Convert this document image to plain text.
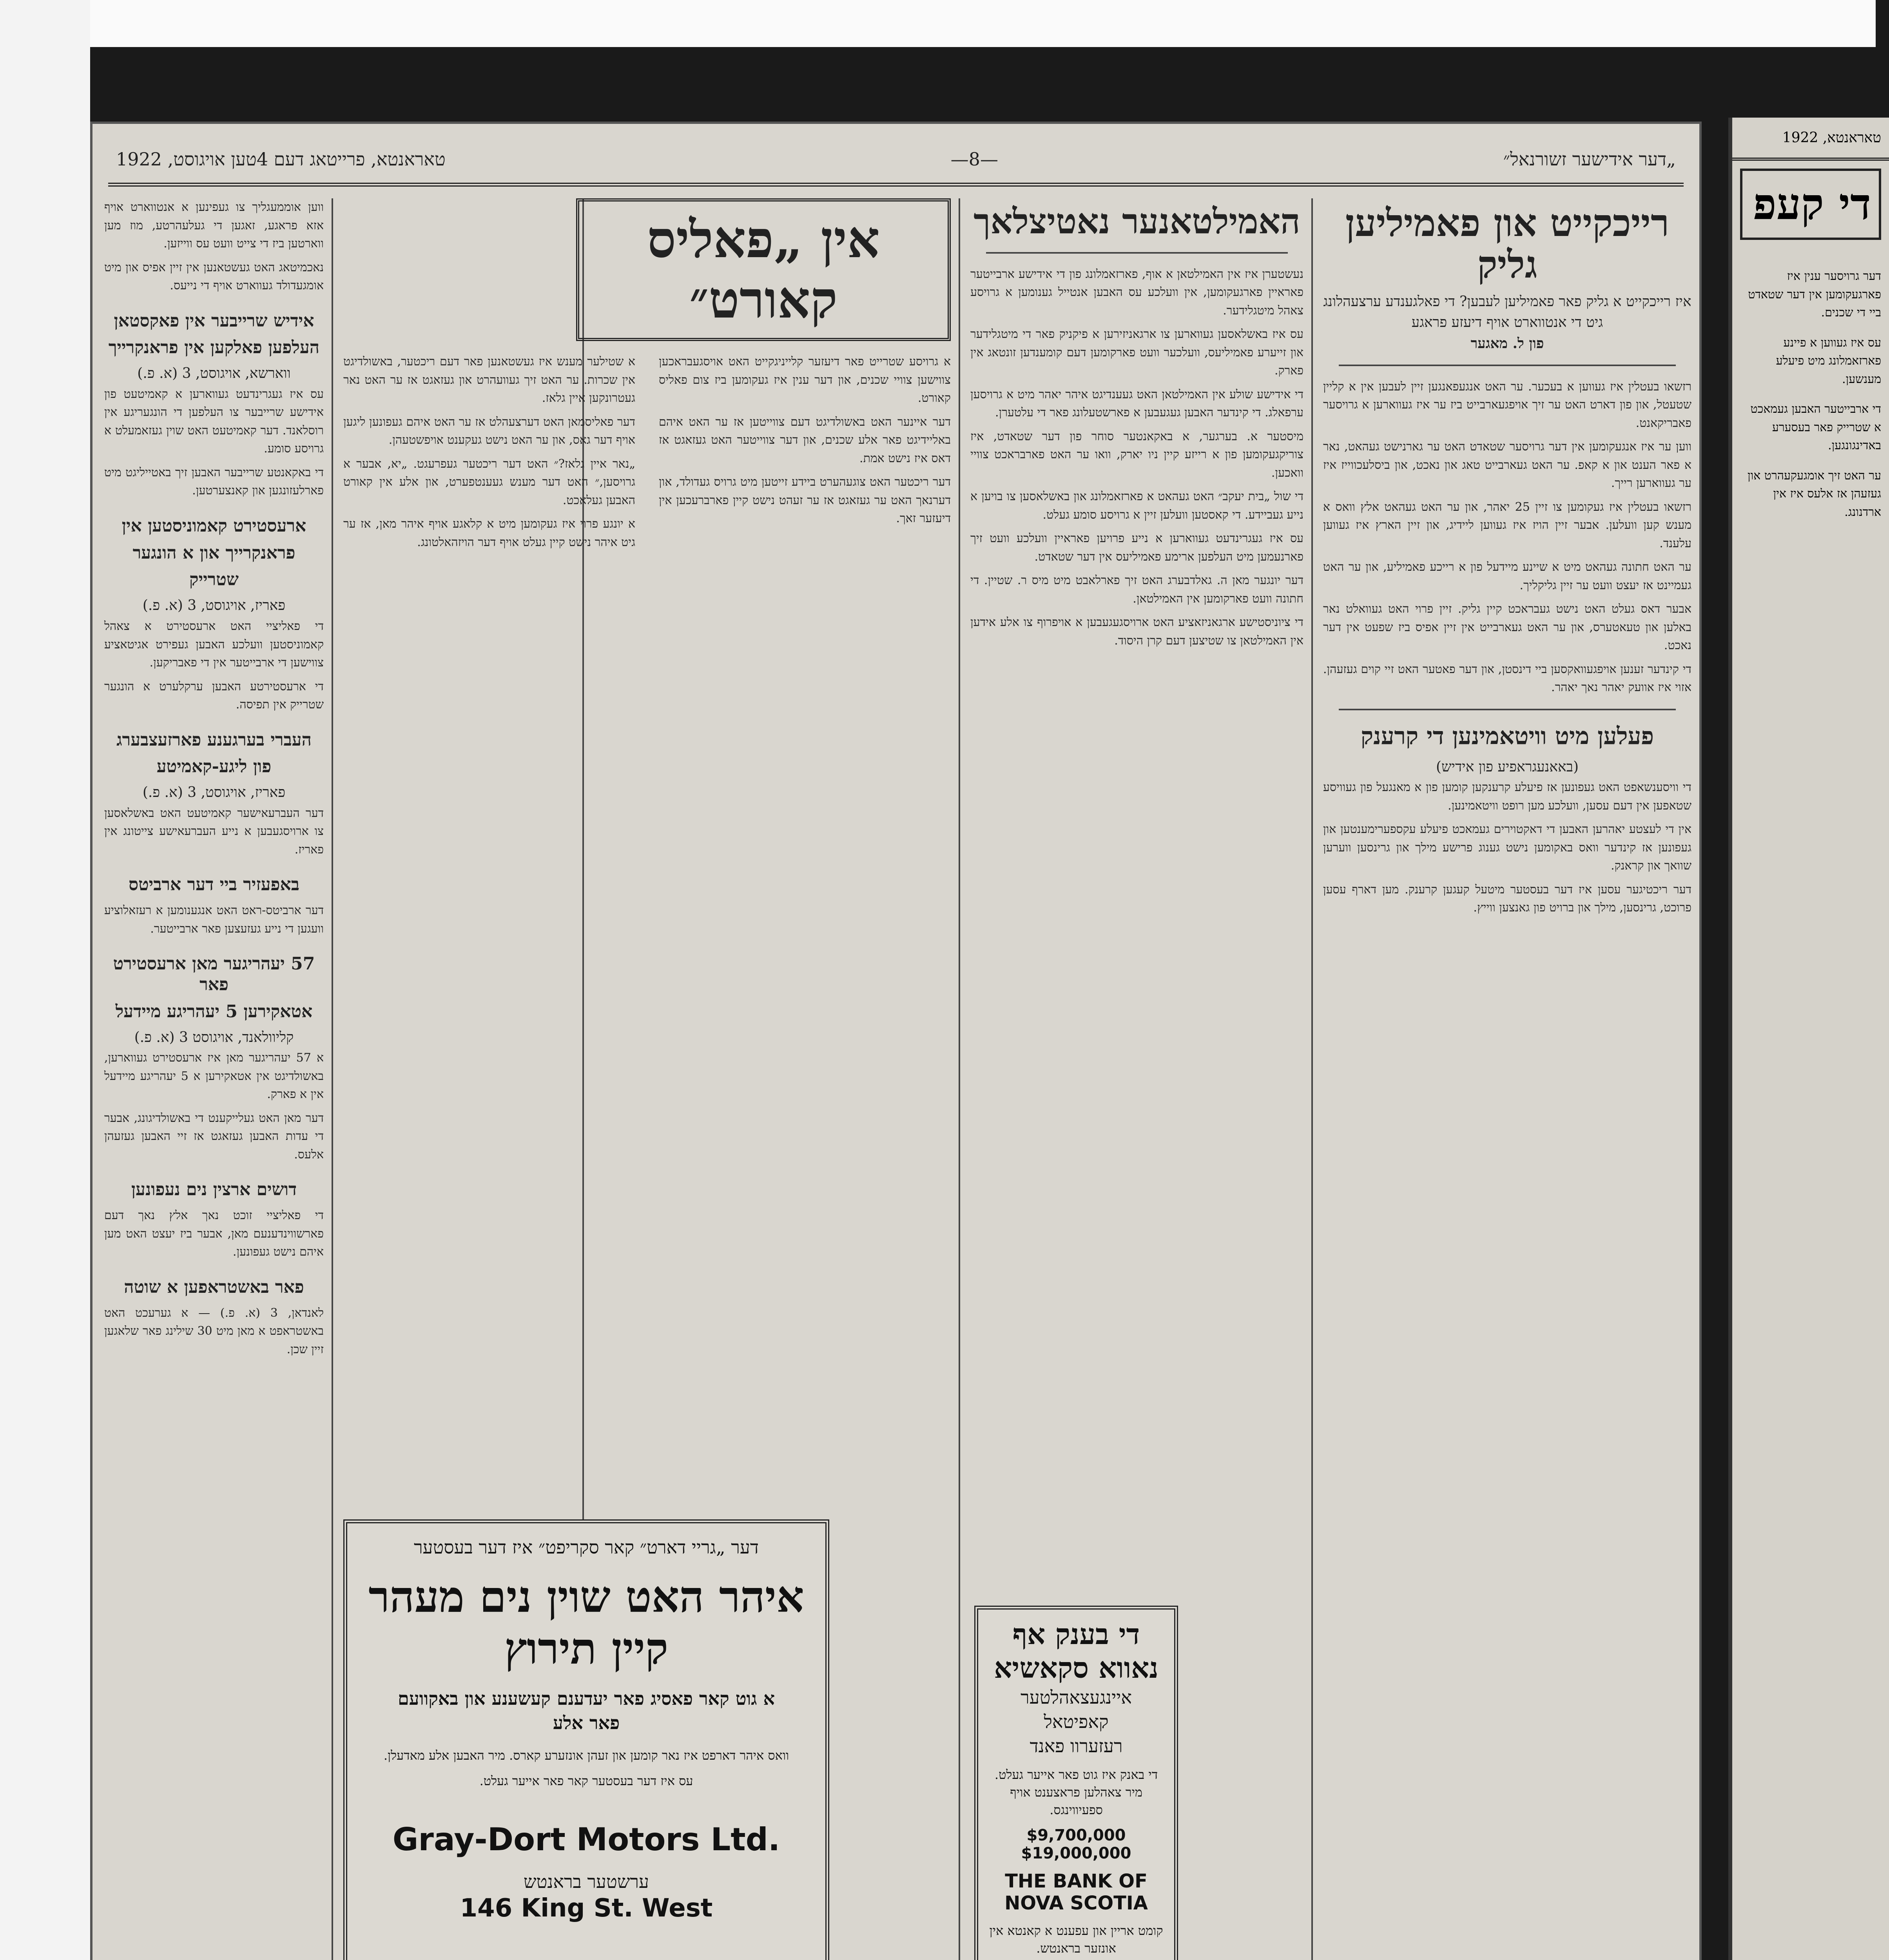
„דער אידישער זשורנאל״
—8—
טאראנטא, פרייטאג דעם 4טען אויגוסט, 1922
רייכקייט און פאמיליען גליק
איז רייכקייט א גליק פאר פאמיליען לעבען? די פאלגענדע ערצעהלונג
גיט די אנטווארט אויף דיעזע פראגע
פון ל. מאגער

רזשאו בעטלין איז געווען א בעכער. ער האט אנגעפאנגען זיין לעבען אין א קליין שטעטל, און פון דארט האט ער זיך אויפגעארבייט ביז ער איז געווארען א גרויסער פאבריקאנט.

ווען ער איז אנגעקומען אין דער גרויסער שטאדט האט ער גארנישט געהאט, נאר א פאר הענט און א קאפ. ער האט געארבייט טאג און נאכט, און ביסלעכווייז איז ער געווארען רייך.

רזשאו בעטלין איז געקומען צו זיין 25 יאהר, און ער האט געהאט אלץ וואס א מענש קען וועלען. אבער זיין הויז איז געווען ליידיג, און זיין הארץ איז געווען עלענד.

ער האט חתונה געהאט מיט א שיינע מיידעל פון א רייכע פאמיליע, און ער האט געמיינט אז יעצט וועט ער זיין גליקליך.

אבער דאס געלט האט נישט געבראכט קיין גליק. זיין פרוי האט געוואלט נאר באלען און טעאטערס, און ער האט געארבייט אין זיין אפיס ביז שפעט אין דער נאכט.

די קינדער זענען אויפגעוואקסען ביי דינסטן, און דער פאטער האט זיי קוים געזעהן. אזוי איז אוועק יאהר נאך יאהר.

פעלען מיט וויטאמינען די קרענק
(באאנעגראפיע פון אידיש)

די וויסענשאפט האט געפונען אז פיעלע קרענקען קומען פון א מאנגעל פון געוויסע שטאפען אין דעם עסען, וועלכע מען רופט וויטאמינען.

אין די לעצטע יאהרען האבען די דאקטוירים געמאכט פיעלע עקספערימענטען און געפונען אז קינדער וואס באקומען נישט גענוג פרישע מילך און גרינסען ווערען שוואך און קראנק.

דער ריכטיגער עסען איז דער בעסטער מיטעל קעגען קרענק. מען דארף עסען פרוכט, גרינסען, מילך און ברויט פון גאנצען ווייץ.

האמילטאנער נאטיצלאך

נעשטערן איז אין האמילטאן א אוף, פארזאמלונג פון די אידישע ארבייטער פאראיין פארגעקומען, אין וועלכע עס האבען אנטייל גענומען א גרויסע צאהל מיטגלידער.

עס איז באשלאסען געווארען צו ארגאניזירען א פיקניק פאר די מיטגלידער און זייערע פאמיליעס, וועלכער וועט פארקומען דעם קומענדען זונטאג אין פארק.

די אידישע שולע אין האמילטאן האט געענדיגט איהר יאהר מיט א גרויסען ערפאלג. די קינדער האבען געגעבען א פארשטעלונג פאר די עלטערן.

מיסטער א. בערגער, א באקאנטער סוחר פון דער שטאדט, איז צוריקגעקומען פון א רייזע קיין ניו יארק, וואו ער האט פארבראכט צוויי וואכען.

די שול „בית יעקב״ האט געהאט א פארזאמלונג און באשלאסען צו בויען א נייע געביידע. די קאסטען וועלען זיין א גרויסע סומע געלט.

עס איז געגרינדעט געווארען א נייע פרויען פאראיין וועלכע וועט זיך פארנעמען מיט העלפען ארימע פאמיליעס אין דער שטאדט.

דער יונגער מאן ה. גאלדבערג האט זיך פארלאבט מיט מיס ר. שטיין. די חתונה וועט פארקומען אין האמילטאן.

די ציוניסטישע ארגאניזאציע האט ארויסגעגעבען א אויפרוף צו אלע אידען אין האמילטאן צו שטיצען דעם קרן היסוד.

אין „פאליס קאורט״

א גרויסע שטרייט פאר דיעזער קלייניגקייט האט אויסגעבראכען צווישען צוויי שכנים, און דער ענין איז געקומען ביז צום פאליס קאורט.

דער איינער האט באשולדיגט דעם צווייטען אז ער האט איהם באליידיגט פאר אלע שכנים, און דער צווייטער האט געזאגט אז דאס איז נישט אמת.

דער ריכטער האט צוגעהערט ביידע זייטען מיט גרויס געדולד, און דערנאך האט ער געזאגט אז ער זעהט נישט קיין פארברעכען אין דיעזער זאך.

א שטילער מענש איז געשטאנען פאר דעם ריכטער, באשולדיגט אין שכרות. ער האט זיך געוועהרט און געזאגט אז ער האט נאר געטרונקען איין גלאז.

דער פאליסמאן האט דערצעהלט אז ער האט איהם געפונען ליגען אויף דער גאס, און ער האט נישט געקענט אויפשטעהן.

„נאר איין גלאז?״ האט דער ריכטער געפרעגט. „יא, אבער א גרויסען,״ האט דער מענש געענטפערט, און אלע אין קאורט האבען געלאכט.

א יונגע פרוי איז געקומען מיט א קלאגע אויף איהר מאן, אז ער גיט איהר נישט קיין געלט אויף דער הויזהאלטונג.

ווען אוממעגליך צו געפינען א אנטווארט אויף אזא פראגע, זאגען די געלעהרטע, מוז מען ווארטען ביז די צייט וועט עס ווייזען.

נאכמיטאג האט געשטאנען אין זיין אפיס און מיט אומגעדולד געווארט אויף די נייעס.

אידיש שרייבער אין פאקסטאן
העלפען פאלקען אין פראנקרייך
ווארשא, אויגוסט, 3 (א. פ.)

עס איז געגרינדעט געווארען א קאמיטעט פון אידישע שרייבער צו העלפען די הונגעריגע אין רוסלאנד. דער קאמיטעט האט שוין געזאמעלט א גרויסע סומע.

די באקאנטע שרייבער האבען זיך באטייליגט מיט פארלעזונגען און קאנצערטען.

ארעסטירט קאמוניסטען אין
פראנקרייך און א הונגער
שטרייק
פאריז, אויגוסט, 3 (א. פ.)

די פאליציי האט ארעסטירט א צאהל קאמוניסטען וועלכע האבען געפירט אגיטאציע צווישען די ארבייטער אין די פאבריקען.

די ארעסטירטע האבען ערקלערט א הונגער שטרייק אין תפיסה.

העברי בערגענע פארזעצבערג
פון ליגע-קאמיטע
פאריז, אויגוסט, 3 (א. פ.)

דער העברעאישער קאמיטעט האט באשלאסען צו ארויסגעבען א נייע העברעאישע צייטונג אין פאריז.

באפעזיר ביי דער ארביטס

דער ארביטס-ראט האט אנגענומען א רעזאלוציע וועגען די נייע געזעצען פאר ארבייטער.

57 יעהריגער מאן ארעסטירט פאר
אטאקירען 5 יעהריגע מיידעל
קליוולאנד, אויגוסט 3 (א. פ.)

א 57 יעהריגער מאן איז ארעסטירט געווארען, באשולדיגט אין אטאקירען א 5 יעהריגע מיידעל אין א פארק.

דער מאן האט געלייקענט די באשולדיגונג, אבער די עדות האבען געזאגט אז זיי האבען געזעהן אלעס.

דושים ארצין נים נעפונען

די פאליציי זוכט נאך אלץ נאך דעם פארשווינדענעם מאן, אבער ביז יעצט האט מען איהם נישט געפונען.

פאר באשטראפען א שוטה

לאנדאן, 3 (א. פ.) — א גערעכט האט באשטראפט א מאן מיט 30 שילינג פאר שלאגען זיין שכן.

די בענק אף נאווא סקאשיא
איינגעצאהלטער קאפיטאל
רעזערוו פאנד
די באנק איז גוט פאר אייער געלט. מיר צאהלען פראצענט אויף ספעיווינגס.
$9,700,000
$19,000,000
THE BANK OF NOVA SCOTIA
קומט אריין און עפענט א קאנטא אין אונזער בראנטש.
דער „גריי דארט״ קאר סקריפט״ איז דער בעסטער
איהר האט שוין נים מעהר
קיין תירוץ
א גוט קאר פאסיג פאר יעדענם קעשענע און באקוועם פאר אלע
וואס איהר דארפט איז נאר קומען און זעהן אונזערע קארס. מיר האבען אלע מאדעלן.
עס איז דער בעסטער קאר פאר אייער געלט.
Gray-Dort Motors Ltd.
ערשטער בראנטש
146 King St. West
טאראנטא, 1922
די קעפ

דער גרויסער ענין איז פארגעקומען אין דער שטאדט ביי די שכנים.

עס איז געווען א פיינע פארזאמלונג מיט פיעלע מענשען.

די ארבייטער האבען געמאכט א שטרייק פאר בעסערע באדינגונגען.

ער האט זיך אומגעקעהרט און געזעהן אז אלעס איז אין ארדנונג.
